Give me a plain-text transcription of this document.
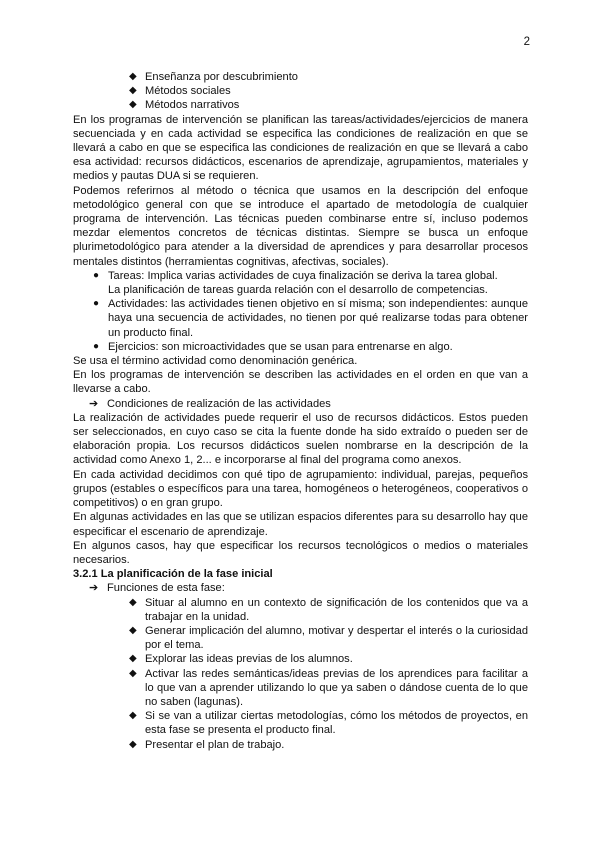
2
◆ Enseñanza por descubrimiento
◆ Métodos sociales
◆ Métodos narrativos

En los programas de intervención se planifican las tareas/actividades/ejercicios de manera secuenciada y en cada actividad se especifica las condiciones de realización en que se llevará a cabo en que se especifica las condiciones de realización en que se llevará a cabo esa actividad: recursos didácticos, escenarios de aprendizaje, agrupamientos, materiales y medios y pautas DUA si se requieren.

Podemos referirnos al método o técnica que usamos en la descripción del enfoque metodológico general con que se introduce el apartado de metodología de cualquier programa de intervención. Las técnicas pueden combinarse entre sí, incluso podemos mezdar elementos concretos de técnicas distintas. Siempre se busca un enfoque plurimetodológico para atender a la diversidad de aprendices y para desarrollar procesos mentales distintos (herramientas cognitivas, afectivas, sociales).

● Tareas: Implica varias actividades de cuya finalización se deriva la tarea global.
La planificación de tareas guarda relación con el desarrollo de competencias.
● Actividades: las actividades tienen objetivo en sí misma; son independientes: aunque haya una secuencia de actividades, no tienen por qué realizarse todas para obtener un producto final.
● Ejercicios: son microactividades que se usan para entrenarse en algo.

Se usa el término actividad como denominación genérica.

En los programas de intervención se describen las actividades en el orden en que van a llevarse a cabo.

➔ Condiciones de realización de las actividades

La realización de actividades puede requerir el uso de recursos didácticos. Estos pueden ser seleccionados, en cuyo caso se cita la fuente donde ha sido extraído o pueden ser de elaboración propia. Los recursos didácticos suelen nombrarse en la descripción de la actividad como Anexo 1, 2... e incorporarse al final del programa como anexos.

En cada actividad decidimos con qué tipo de agrupamiento: individual, parejas, pequeños grupos (estables o específicos para una tarea, homogéneos o heterogéneos, cooperativos o competitivos) o en gran grupo.

En algunas actividades en las que se utilizan espacios diferentes para su desarrollo hay que especificar el escenario de aprendizaje.

En algunos casos, hay que especificar los recursos tecnológicos o medios o materiales necesarios.

3.2.1 La planificación de la fase inicial
➔ Funciones de esta fase:
◆ Situar al alumno en un contexto de significación de los contenidos que va a trabajar en la unidad.
◆ Generar implicación del alumno, motivar y despertar el interés o la curiosidad por el tema.
◆ Explorar las ideas previas de los alumnos.
◆ Activar las redes semánticas/ideas previas de los aprendices para facilitar a lo que van a aprender utilizando lo que ya saben o dándose cuenta de lo que no saben (lagunas).
◆ Si se van a utilizar ciertas metodologías, cómo los métodos de proyectos, en esta fase se presenta el producto final.
◆ Presentar el plan de trabajo.
